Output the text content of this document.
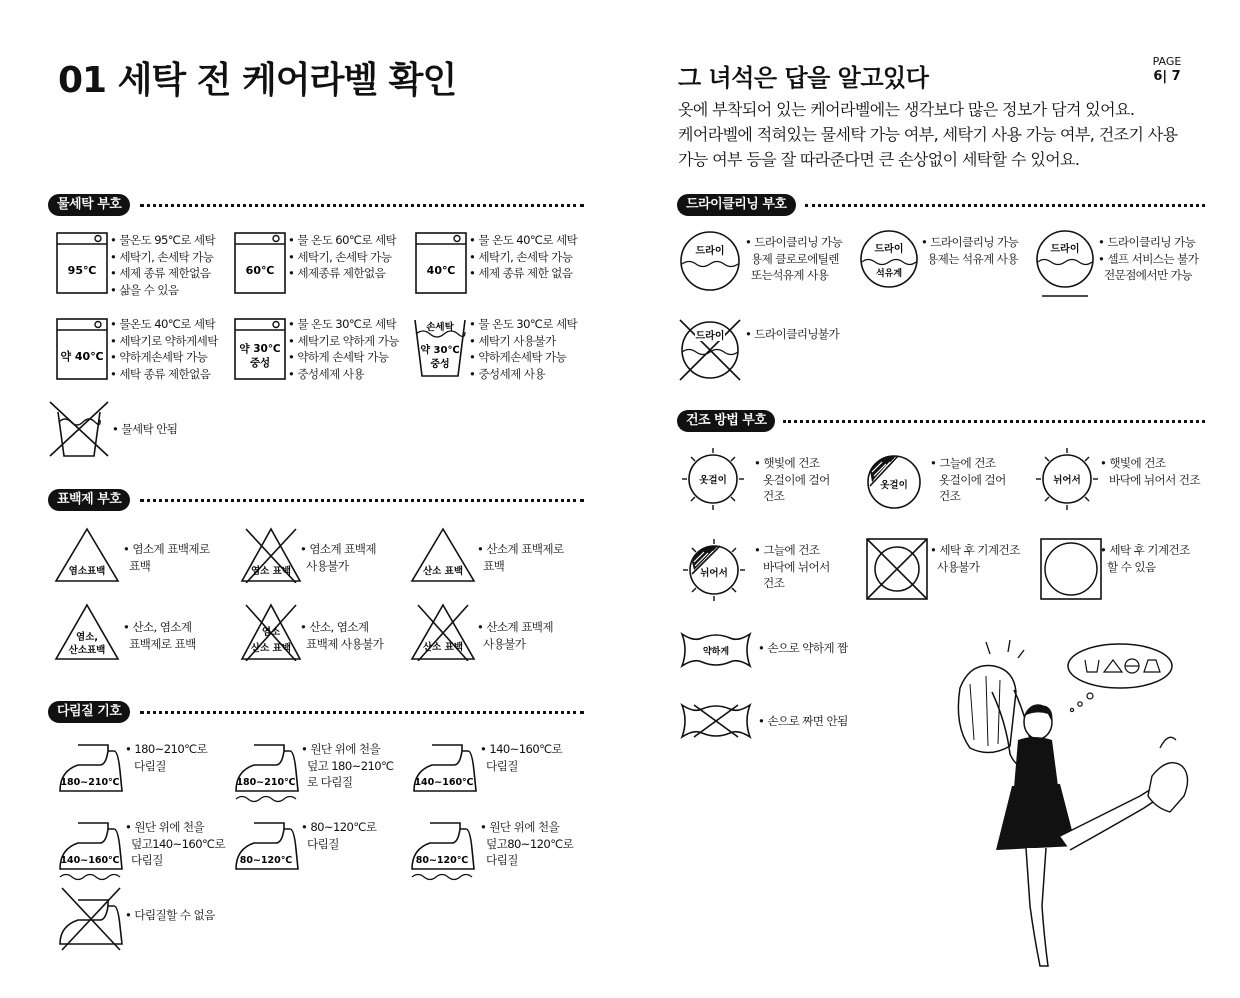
01 세탁 전 케어라벨 확인
물세탁 부호
95℃
• 물온도 95℃로 세탁
• 세탁기, 손세탁 가능
• 세제 종류 제한없음
• 삶을 수 있음
60℃
• 물 온도 60℃로 세탁
• 세탁기, 손세탁 가능
• 세제종류 제한없음	40℃
• 물 온도 40℃로 세탁
• 세탁기, 손세탁 가능
• 세제 종류 제한 없음
약 40℃
• 물온도 40℃로 세탁
• 세탁기로 약하게세탁
• 약하게손세탁 가능
• 세탁 종류 제한없음
약 30℃
중성
• 물 온도 30℃로 세탁
• 세탁기로 약하게 가능
• 약하게 손세탁 가능
• 중성세제 사용
손세탁
약 30℃
중성
• 물 온도 30℃로 세탁
• 세탁기 사용불가
• 약하게손세탁 가능
• 중성세제 사용
• 물세탁 안됨
표백제 부호
염소표백
• 염소계 표백제로
표백	염소 표백
• 염소계 표백제
사용불가	산소 표백
• 산소계 표백제로
표백
염소,
산소표백
• 산소, 염소계
표백제로 표백
염소
산소 표백
• 산소, 염소계
표백제 사용불가	산소 표백
• 산소계 표백제
사용불가
다림질 기호
180~210℃
• 180~210℃로
다림질
180~210℃
• 원단 위에 천을
덮고 180~210℃
로 다림질	140~160℃
• 140~160℃로
다림질
140~160℃
• 원단 위에 천을
덮고140~160℃로
다림질	80~120℃
• 80~120℃로
다림질
80~120℃
• 원단 위에 천을
덮고80~120℃로
다림질
• 다림질할 수 없음
그 녀석은 답을 알고있다
PAGE
6| 7
옷에 부착되어 있는 케어라벨에는 생각보다 많은 정보가 담겨 있어요.
케어라벨에 적혀있는 물세탁 가능 여부, 세탁기 사용 가능 여부, 건조기 사용
가능 여부 등을 잘 따라준다면 큰 손상없이 세탁할 수 있어요.
드라이클리닝 부호
드라이
• 드라이클리닝 가능
용제 클로로에틸렌
또는석유계 사용
드라이
석유계
• 드라이클리닝 가능
용제는 석유계 사용
드라이
• 드라이클리닝 가능
• 셀프 서비스는 불가
전문점에서만 가능
드라이 • 드라이클리닝불가
건조 방법 부호
옷걸이
• 햇빛에 건조
옷걸이에 걸어
건조
옷걸이
• 그늘에 건조
옷걸이에 걸어
건조
뉘어서
• 햇빛에 건조
바닥에 뉘어서 건조
뉘어서
• 그늘에 건조
바닥에 뉘어서
건조
• 세탁 후 기계건조
사용불가
• 세탁 후 기계건조
할 수 있음
약하게 • 손으로 약하게 짬
• 손으로 짜면 안됨
